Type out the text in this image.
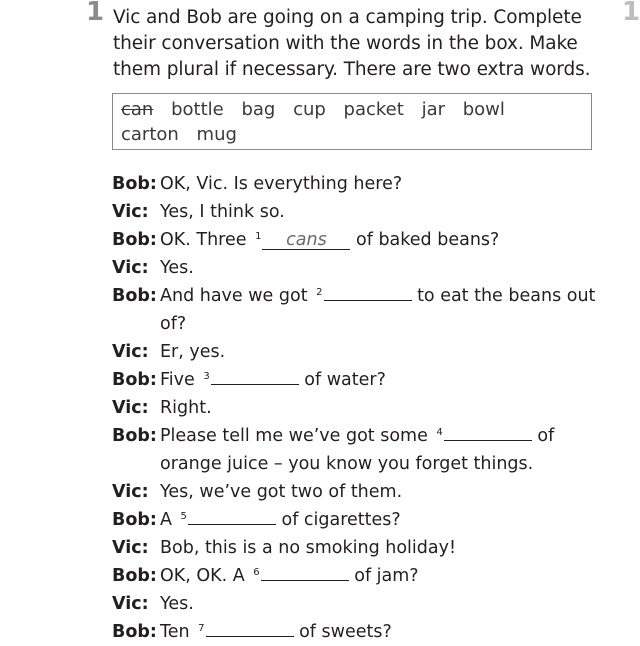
1	1
Vic and Bob are going on a camping trip. Complete their conversation with the words in the box. Make them plural if necessary. There are two extra words.
can bottle bag cup packet jar bowl carton mug
Bob: OK, Vic. Is everything here?
Vic: Yes, I think so.
Bob: OK. Three $^1$ cans of baked beans?
Vic: Yes.
Bob: And have we got $^2$	to eat the beans out
of?
Vic: Er, yes.
Bob: Five $^3$	of water?
Vic: Right.
Bob: Please tell me we’ve got some $^4$	of
orange juice – you know you forget things.
Vic: Yes, we’ve got two of them.
Bob: A $^5$	of cigarettes?
Vic: Bob, this is a no smoking holiday!
Bob: OK, OK. A $^6$	of jam?
Vic: Yes.
Bob: Ten $^7$	of sweets?
